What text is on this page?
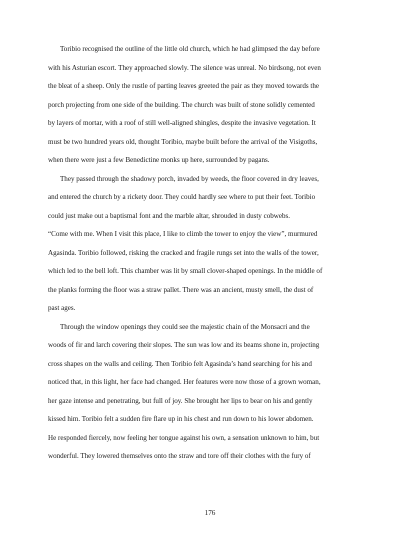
Toribio recognised the outline of the little old church, which he had glimpsed the day before
with his Asturian escort. They approached slowly. The silence was unreal. No birdsong, not even
the bleat of a sheep. Only the rustle of parting leaves greeted the pair as they moved towards the
porch projecting from one side of the building. The church was built of stone solidly cemented
by layers of mortar, with a roof of still well-aligned shingles, despite the invasive vegetation. It
must be two hundred years old, thought Toribio, maybe built before the arrival of the Visigoths,
when there were just a few Benedictine monks up here, surrounded by pagans.

They passed through the shadowy porch, invaded by weeds, the floor covered in dry leaves,
and entered the church by a rickety door. They could hardly see where to put their feet. Toribio
could just make out a baptismal font and the marble altar, shrouded in dusty cobwebs.

“Come with me. When I visit this place, I like to climb the tower to enjoy the view”, murmured
Agasinda. Toribio followed, risking the cracked and fragile rungs set into the walls of the tower,
which led to the bell loft. This chamber was lit by small clover-shaped openings. In the middle of
the planks forming the floor was a straw pallet. There was an ancient, musty smell, the dust of
past ages.

Through the window openings they could see the majestic chain of the Monsacri and the
woods of fir and larch covering their slopes. The sun was low and its beams shone in, projecting
cross shapes on the walls and ceiling. Then Toribio felt Agasinda’s hand searching for his and
noticed that, in this light, her face had changed. Her features were now those of a grown woman,
her gaze intense and penetrating, but full of joy. She brought her lips to bear on his and gently
kissed him. Toribio felt a sudden fire flare up in his chest and run down to his lower abdomen.
He responded fiercely, now feeling her tongue against his own, a sensation unknown to him, but
wonderful. They lowered themselves onto the straw and tore off their clothes with the fury of

176
